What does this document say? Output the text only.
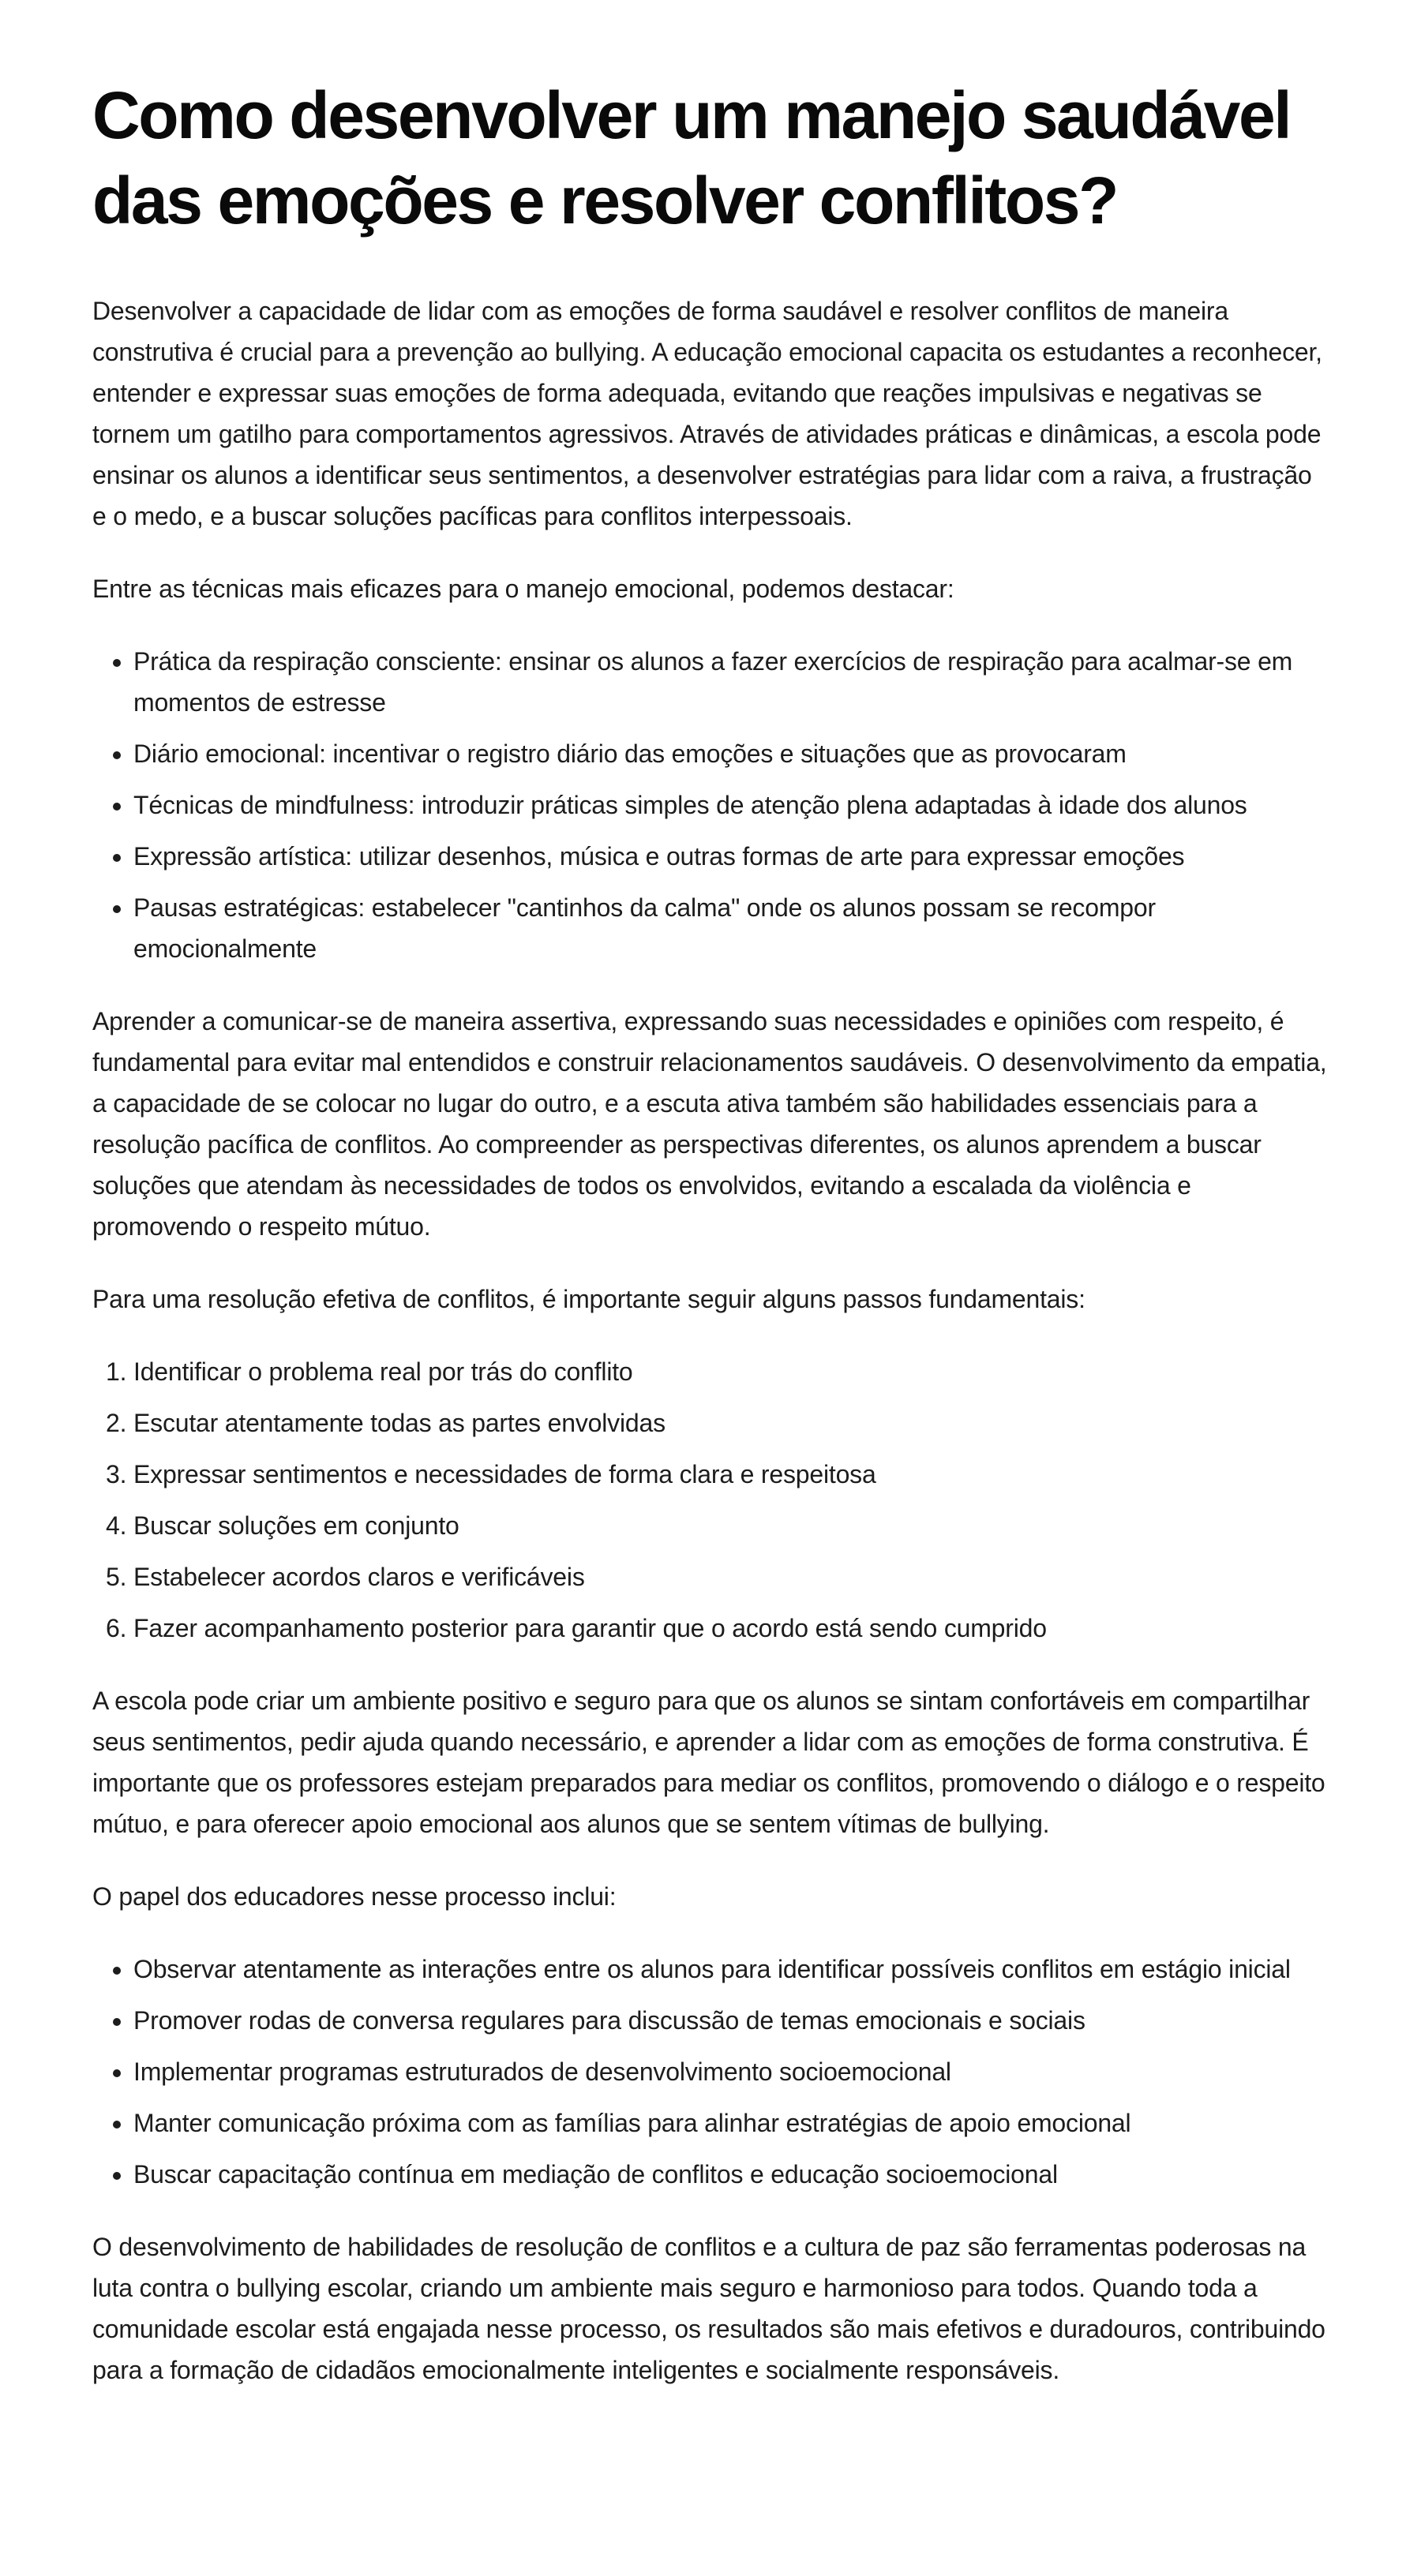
Como desenvolver um manejo saudável das emoções e resolver conflitos?

Desenvolver a capacidade de lidar com as emoções de forma saudável e resolver conflitos de maneira construtiva é crucial para a prevenção ao bullying. A educação emocional capacita os estudantes a reconhecer, entender e expressar suas emoções de forma adequada, evitando que reações impulsivas e negativas se tornem um gatilho para comportamentos agressivos. Através de atividades práticas e dinâmicas, a escola pode ensinar os alunos a identificar seus sentimentos, a desenvolver estratégias para lidar com a raiva, a frustração e o medo, e a buscar soluções pacíficas para conflitos interpessoais.

Entre as técnicas mais eficazes para o manejo emocional, podemos destacar:

• Prática da respiração consciente: ensinar os alunos a fazer exercícios de respiração para acalmar-se em momentos de estresse
• Diário emocional: incentivar o registro diário das emoções e situações que as provocaram
• Técnicas de mindfulness: introduzir práticas simples de atenção plena adaptadas à idade dos alunos
• Expressão artística: utilizar desenhos, música e outras formas de arte para expressar emoções
• Pausas estratégicas: estabelecer "cantinhos da calma" onde os alunos possam se recompor emocionalmente

Aprender a comunicar-se de maneira assertiva, expressando suas necessidades e opiniões com respeito, é fundamental para evitar mal entendidos e construir relacionamentos saudáveis. O desenvolvimento da empatia, a capacidade de se colocar no lugar do outro, e a escuta ativa também são habilidades essenciais para a resolução pacífica de conflitos. Ao compreender as perspectivas diferentes, os alunos aprendem a buscar soluções que atendam às necessidades de todos os envolvidos, evitando a escalada da violência e promovendo o respeito mútuo.

Para uma resolução efetiva de conflitos, é importante seguir alguns passos fundamentais:

1. Identificar o problema real por trás do conflito
2. Escutar atentamente todas as partes envolvidas
3. Expressar sentimentos e necessidades de forma clara e respeitosa
4. Buscar soluções em conjunto
5. Estabelecer acordos claros e verificáveis
6. Fazer acompanhamento posterior para garantir que o acordo está sendo cumprido

A escola pode criar um ambiente positivo e seguro para que os alunos se sintam confortáveis em compartilhar seus sentimentos, pedir ajuda quando necessário, e aprender a lidar com as emoções de forma construtiva. É importante que os professores estejam preparados para mediar os conflitos, promovendo o diálogo e o respeito mútuo, e para oferecer apoio emocional aos alunos que se sentem vítimas de bullying.

O papel dos educadores nesse processo inclui:

• Observar atentamente as interações entre os alunos para identificar possíveis conflitos em estágio inicial
• Promover rodas de conversa regulares para discussão de temas emocionais e sociais
• Implementar programas estruturados de desenvolvimento socioemocional
• Manter comunicação próxima com as famílias para alinhar estratégias de apoio emocional
• Buscar capacitação contínua em mediação de conflitos e educação socioemocional

O desenvolvimento de habilidades de resolução de conflitos e a cultura de paz são ferramentas poderosas na luta contra o bullying escolar, criando um ambiente mais seguro e harmonioso para todos. Quando toda a comunidade escolar está engajada nesse processo, os resultados são mais efetivos e duradouros, contribuindo para a formação de cidadãos emocionalmente inteligentes e socialmente responsáveis.
